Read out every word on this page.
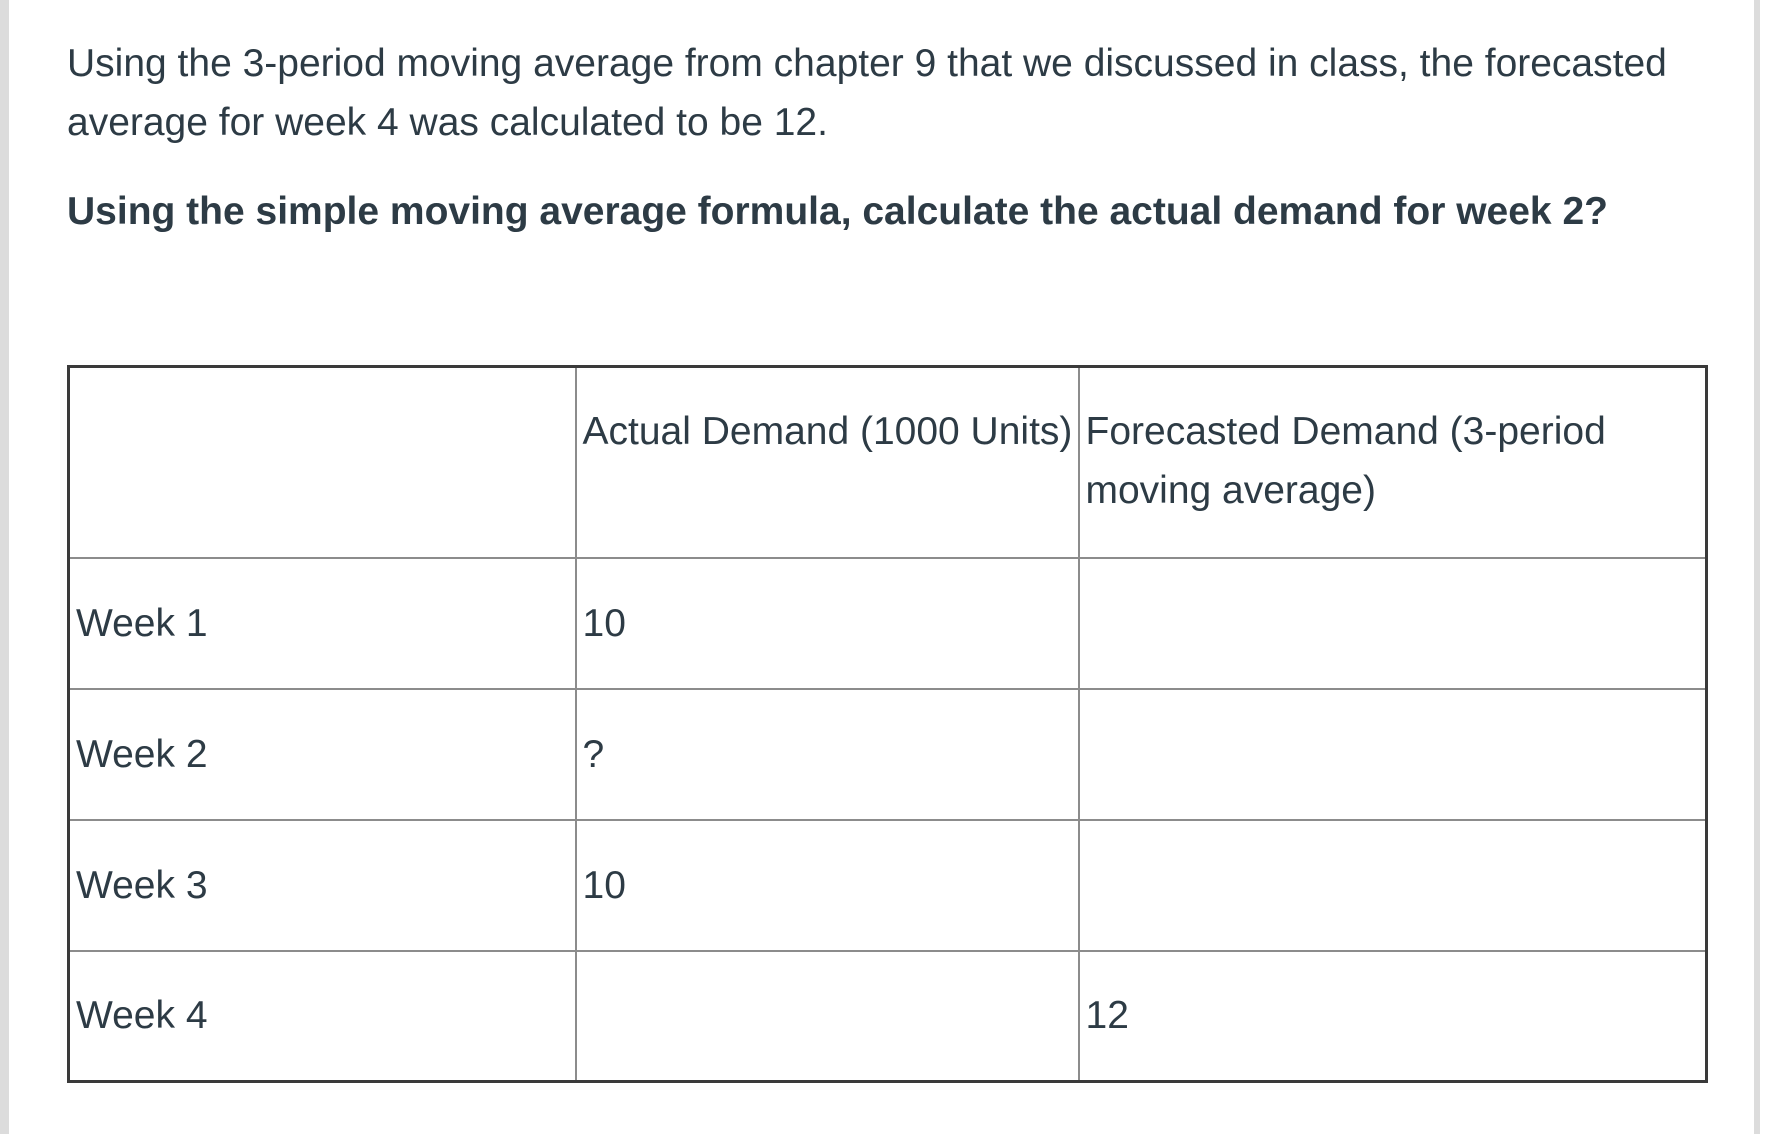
Using the 3-period moving average from chapter 9 that we discussed in class, the forecasted average for week 4 was calculated to be 12.

Using the simple moving average formula, calculate the actual demand for week 2?

	Actual Demand (1000 Units)	Forecasted Demand (3-period moving average)
Week 1	10	
Week 2	?	
Week 3	10	
Week 4		12
